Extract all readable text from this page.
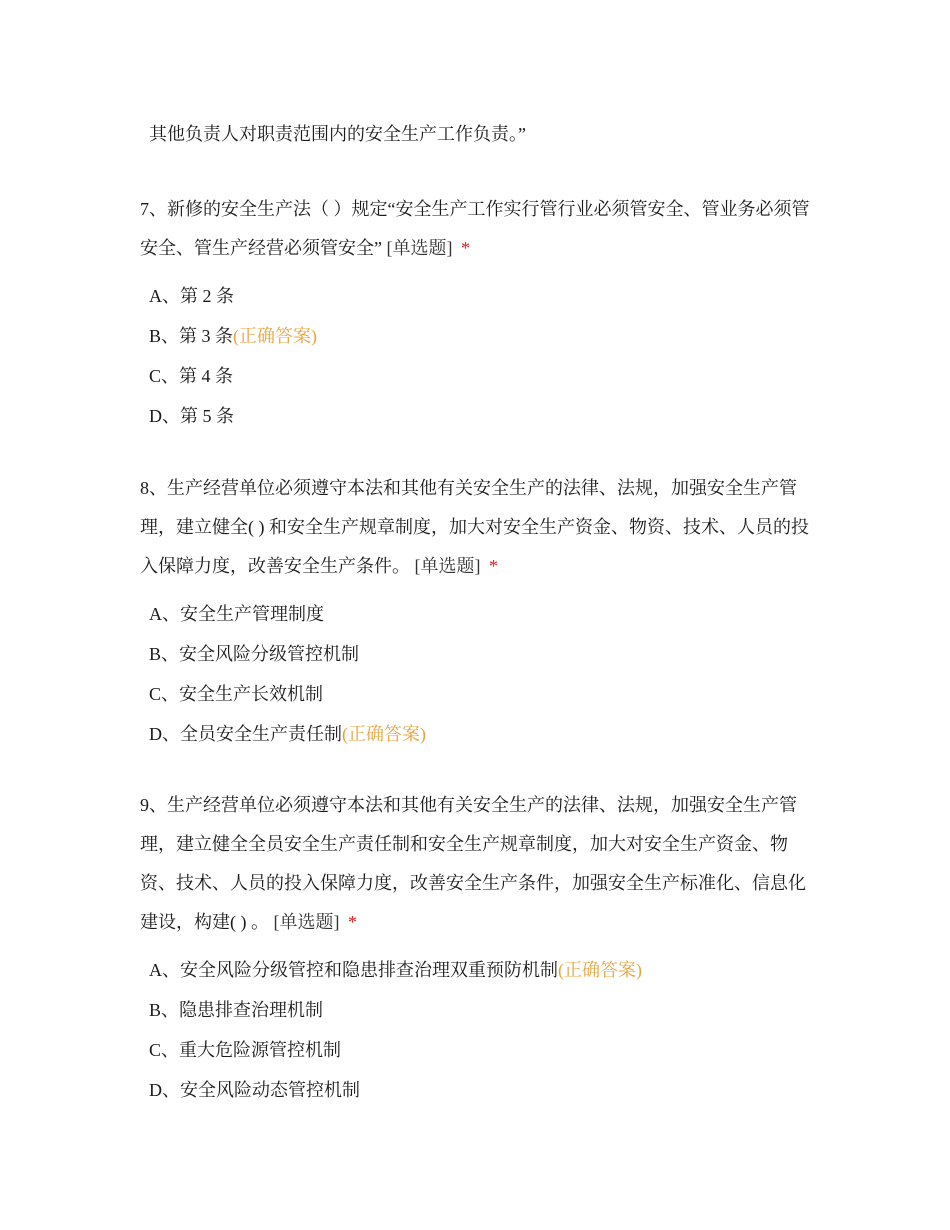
其他负责人对职责范围内的安全生产工作负责。”

7、新修的安全生产法（ ）规定“安全生产工作实行管行业必须管安全、管业务必须管安全、管生产经营必须管安全” [单选题] *

A、第 2 条
B、第 3 条(正确答案)
C、第 4 条
D、第 5 条

8、生产经营单位必须遵守本法和其他有关安全生产的法律、法规，加强安全生产管理，建立健全( ) 和安全生产规章制度，加大对安全生产资金、物资、技术、人员的投入保障力度，改善安全生产条件。 [单选题] *

A、安全生产管理制度
B、安全风险分级管控机制
C、安全生产长效机制
D、全员安全生产责任制(正确答案)

9、生产经营单位必须遵守本法和其他有关安全生产的法律、法规，加强安全生产管理，建立健全全员安全生产责任制和安全生产规章制度，加大对安全生产资金、物资、技术、人员的投入保障力度，改善安全生产条件，加强安全生产标准化、信息化建设，构建( ) 。 [单选题] *

A、安全风险分级管控和隐患排查治理双重预防机制(正确答案)
B、隐患排查治理机制
C、重大危险源管控机制
D、安全风险动态管控机制
